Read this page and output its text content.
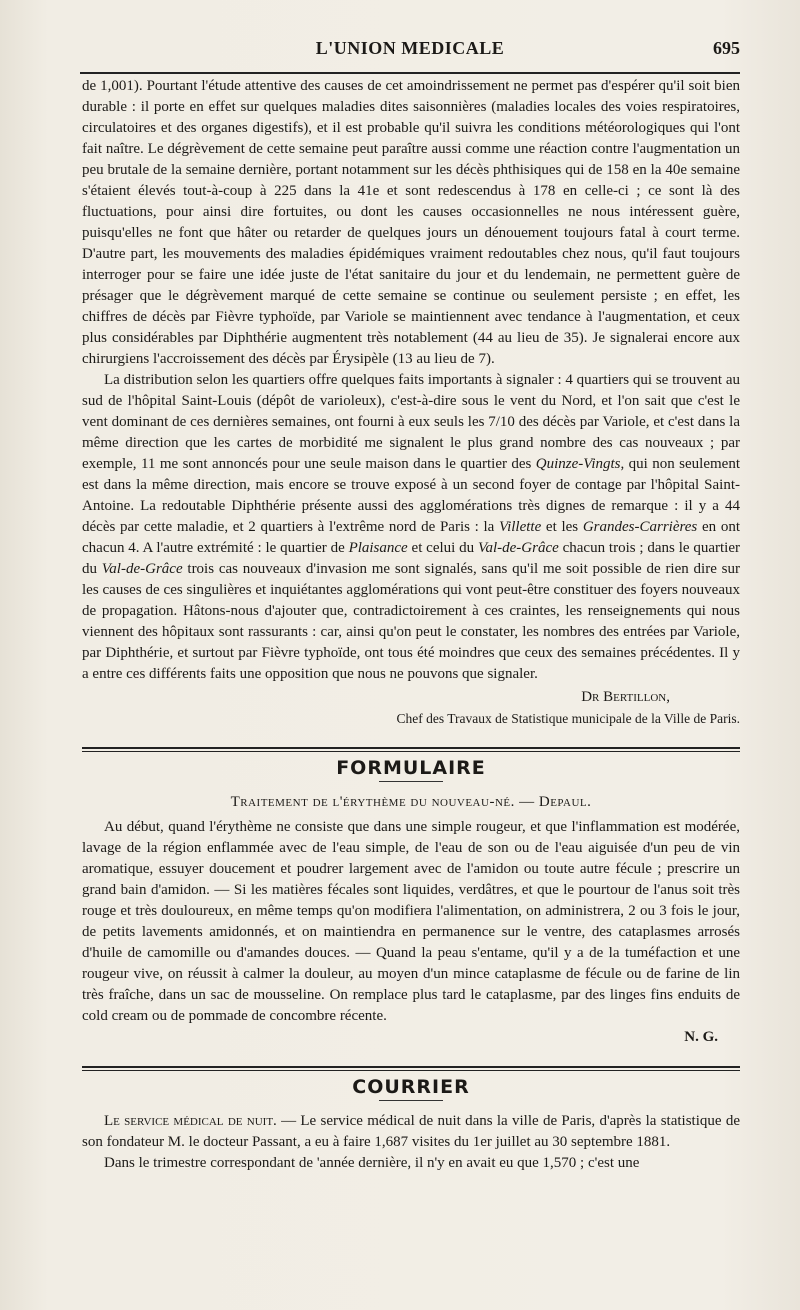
L'UNION MEDICALE	695

de 1,001). Pourtant l'étude attentive des causes de cet amoindrissement ne permet pas d'espérer qu'il soit bien durable : il porte en effet sur quelques maladies dites saisonnières (maladies locales des voies respiratoires, circulatoires et des organes digestifs), et il est probable qu'il suivra les conditions météorologiques qui l'ont fait naître. Le dégrèvement de cette semaine peut paraître aussi comme une réaction contre l'augmentation un peu brutale de la semaine dernière, portant notamment sur les décès phthisiques qui de 158 en la 40e semaine s'étaient élevés tout-à-coup à 225 dans la 41e et sont redescendus à 178 en celle-ci ; ce sont là des fluctuations, pour ainsi dire fortuites, ou dont les causes occasionnelles ne nous intéressent guère, puisqu'elles ne font que hâter ou retarder de quelques jours un dénouement toujours fatal à court terme. D'autre part, les mouvements des maladies épidémiques vraiment redoutables chez nous, qu'il faut toujours interroger pour se faire une idée juste de l'état sanitaire du jour et du lendemain, ne permettent guère de présager que le dégrèvement marqué de cette semaine se continue ou seulement persiste ; en effet, les chiffres de décès par Fièvre typhoïde, par Variole se maintiennent avec tendance à l'augmentation, et ceux plus considérables par Diphthérie augmentent très notablement (44 au lieu de 35). Je signalerai encore aux chirurgiens l'accroissement des décès par Érysipèle (13 au lieu de 7).

La distribution selon les quartiers offre quelques faits importants à signaler : 4 quartiers qui se trouvent au sud de l'hôpital Saint-Louis (dépôt de varioleux), c'est-à-dire sous le vent du Nord, et l'on sait que c'est le vent dominant de ces dernières semaines, ont fourni à eux seuls les 7/10 des décès par Variole, et c'est dans la même direction que les cartes de morbidité me signalent le plus grand nombre des cas nouveaux ; par exemple, 11 me sont annoncés pour une seule maison dans le quartier des Quinze-Vingts, qui non seulement est dans la même direction, mais encore se trouve exposé à un second foyer de contage par l'hôpital Saint-Antoine. La redoutable Diphthérie présente aussi des agglomérations très dignes de remarque : il y a 44 décès par cette maladie, et 2 quartiers à l'extrême nord de Paris : la Villette et les Grandes-Carrières en ont chacun 4. A l'autre extrémité : le quartier de Plaisance et celui du Val-de-Grâce chacun trois ; dans le quartier du Val-de-Grâce trois cas nouveaux d'invasion me sont signalés, sans qu'il me soit possible de rien dire sur les causes de ces singulières et inquiétantes agglomérations qui vont peut-être constituer des foyers nouveaux de propagation. Hâtons-nous d'ajouter que, contradictoirement à ces craintes, les renseignements qui nous viennent des hôpitaux sont rassurants : car, ainsi qu'on peut le constater, les nombres des entrées par Variole, par Diphthérie, et surtout par Fièvre typhoïde, ont tous été moindres que ceux des semaines précédentes. Il y a entre ces différents faits une opposition que nous ne pouvons que signaler.

Dr Bertillon,
Chef des Travaux de Statistique municipale de la Ville de Paris.
FORMULAIRE
Traitement de l'érythème du nouveau-né. — Depaul.

Au début, quand l'érythème ne consiste que dans une simple rougeur, et que l'inflammation est modérée, lavage de la région enflammée avec de l'eau simple, de l'eau de son ou de l'eau aiguisée d'un peu de vin aromatique, essuyer doucement et poudrer largement avec de l'amidon ou toute autre fécule ; prescrire un grand bain d'amidon. — Si les matières fécales sont liquides, verdâtres, et que le pourtour de l'anus soit très rouge et très douloureux, en même temps qu'on modifiera l'alimentation, on administrera, 2 ou 3 fois le jour, de petits lavements amidonnés, et on maintiendra en permanence sur le ventre, des cataplasmes arrosés d'huile de camomille ou d'amandes douces. — Quand la peau s'entame, qu'il y a de la tuméfaction et une rougeur vive, on réussit à calmer la douleur, au moyen d'un mince cataplasme de fécule ou de farine de lin très fraîche, dans un sac de mousseline. On remplace plus tard le cataplasme, par des linges fins enduits de cold cream ou de pommade de concombre récente.

N. G.
COURRIER

Le service médical de nuit. — Le service médical de nuit dans la ville de Paris, d'après la statistique de son fondateur M. le docteur Passant, a eu à faire 1,687 visites du 1er juillet au 30 septembre 1881.

Dans le trimestre correspondant de 'année dernière, il n'y en avait eu que 1,570 ; c'est une
